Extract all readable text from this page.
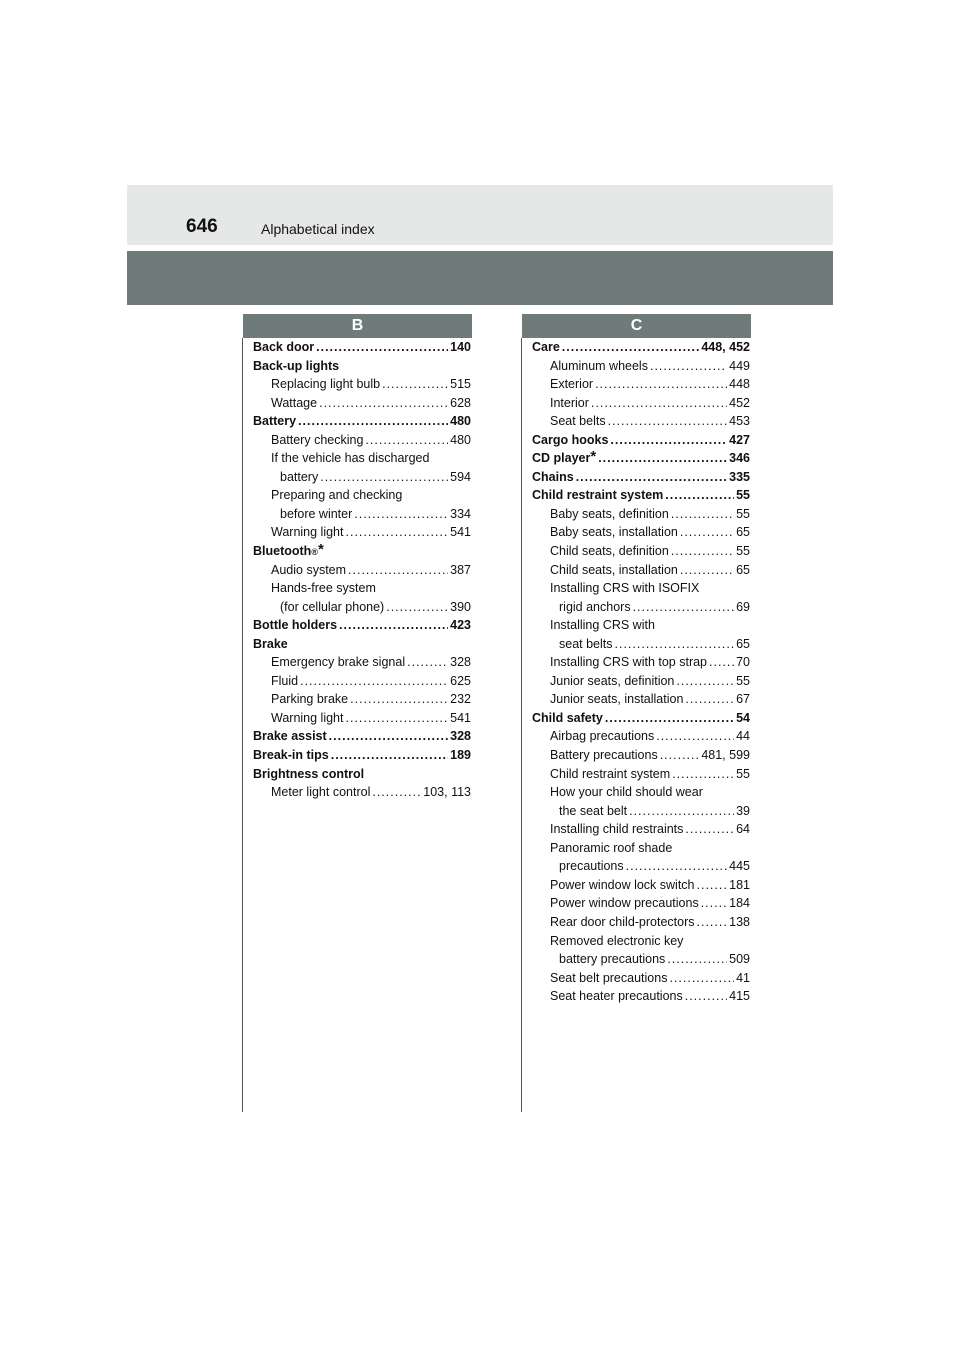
646	Alphabetical index
B	C
Back door .....	140
Back-up lights
Replacing light bulb .....	515
Wattage .....	628
Battery .....	480
Battery checking .....	480
If the vehicle has discharged
battery .....	594
Preparing and checking
before winter .....	334
Warning light .....	541
Bluetooth ®*
Audio system .....	387
Hands-free system
(for cellular phone) .....	390
Bottle holders .....	423
Brake
Emergency brake signal .....	328
Fluid .....	625
Parking brake .....	232
Warning light .....	541
Brake assist .....	328
Break-in tips .....	189
Brightness control
Meter light control .....	103, 113
Care .....	448, 452
Aluminum wheels .....	449
Exterior .....	448
Interior .....	452
Seat belts .....	453
Cargo hooks .....	427
CD player* .....	346
Chains .....	335
Child restraint system .....	55
Baby seats, definition .....	55
Baby seats, installation .....	65
Child seats, definition .....	55
Child seats, installation .....	65
Installing CRS with ISOFIX
rigid anchors .....	69
Installing CRS with
seat belts .....	65
Installing CRS with top strap ..... 70
Junior seats, definition .....	55
Junior seats, installation .....	67
Child safety .....	54
Airbag precautions .....	44
Battery precautions .....	481, 599
Child restraint system .....	55
How your child should wear
the seat belt .....	39
Installing child restraints .....	64
Panoramic roof shade
precautions .....	445
Power window lock switch .....	181
Power window precautions ..... 184
Rear door child-protectors .....	138
Removed electronic key
battery precautions .....	509
Seat belt precautions .....	41
Seat heater precautions .....	415
